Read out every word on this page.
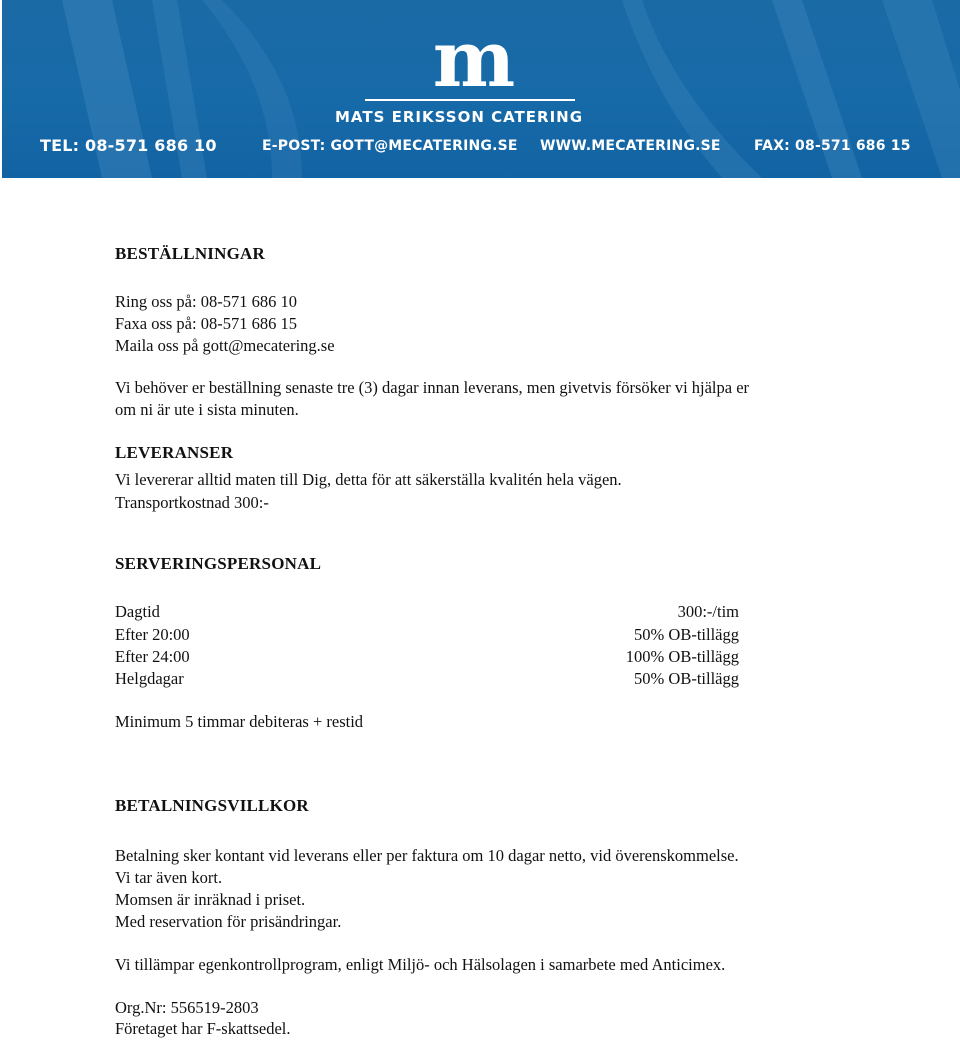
m
MATS ERIKSSON CATERING
TEL: 08-571 686 10	E-POST: GOTT@MECATERING.SE WWW.MECATERING.SE FAX: 08-571 686 15
BESTÄLLNINGAR
Ring oss på: 08-571 686 10
Faxa oss på: 08-571 686 15
Maila oss på gott@mecatering.se
Vi behöver er beställning senaste tre (3) dagar innan leverans, men givetvis försöker vi hjälpa er
om ni är ute i sista minuten.
LEVERANSER
Vi levererar alltid maten till Dig, detta för att säkerställa kvalitén hela vägen.
Transportkostnad 300:-
SERVERINGSPERSONAL
Dagtid	300:-/tim
Efter 20:00	50% OB-tillägg
Efter 24:00	100% OB-tillägg
Helgdagar	50% OB-tillägg
Minimum 5 timmar debiteras + restid
BETALNINGSVILLKOR
Betalning sker kontant vid leverans eller per faktura om 10 dagar netto, vid överenskommelse.
Vi tar även kort.
Momsen är inräknad i priset.
Med reservation för prisändringar.
Vi tillämpar egenkontrollprogram, enligt Miljö- och Hälsolagen i samarbete med Anticimex.
Org.Nr: 556519-2803
Företaget har F-skattsedel.
